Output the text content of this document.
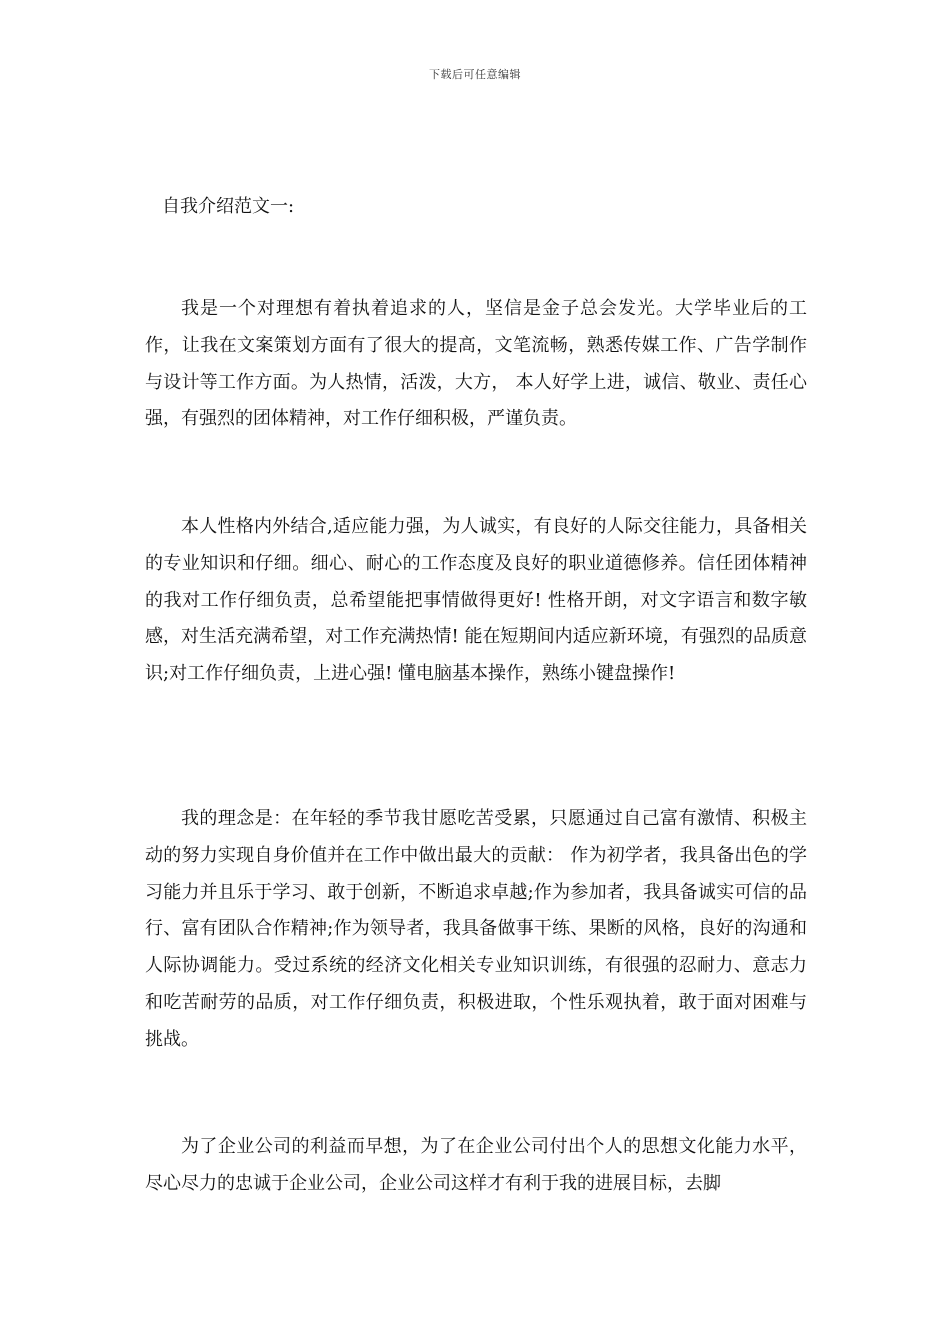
下载后可任意编辑
自我介绍范文一:

我是一个对理想有着执着追求的人，坚信是金子总会发光。大学毕业后的工作，让我在文案策划方面有了很大的提高，文笔流畅，熟悉传媒工作、广告学制作与设计等工作方面。为人热情，活泼，大方， 本人好学上进，诚信、敬业、责任心强，有强烈的团体精神，对工作仔细积极，严谨负责。

本人性格内外结合,适应能力强，为人诚实，有良好的人际交往能力，具备相关的专业知识和仔细。细心、耐心的工作态度及良好的职业道德修养。信任团体精神的我对工作仔细负责，总希望能把事情做得更好! 性格开朗，对文字语言和数字敏感，对生活充满希望，对工作充满热情! 能在短期间内适应新环境，有强烈的品质意识;对工作仔细负责，上进心强! 懂电脑基本操作，熟练小键盘操作!

我的理念是：在年轻的季节我甘愿吃苦受累，只愿通过自己富有激情、积极主动的努力实现自身价值并在工作中做出最大的贡献： 作为初学者，我具备出色的学习能力并且乐于学习、敢于创新，不断追求卓越;作为参加者，我具备诚实可信的品行、富有团队合作精神;作为领导者，我具备做事干练、果断的风格，良好的沟通和人际协调能力。受过系统的经济文化相关专业知识训练，有很强的忍耐力、意志力和吃苦耐劳的品质，对工作仔细负责，积极进取，个性乐观执着，敢于面对困难与挑战。

为了企业公司的利益而早想，为了在企业公司付出个人的思想文化能力水平，尽心尽力的忠诚于企业公司，企业公司这样才有利于我的进展目标，去脚
